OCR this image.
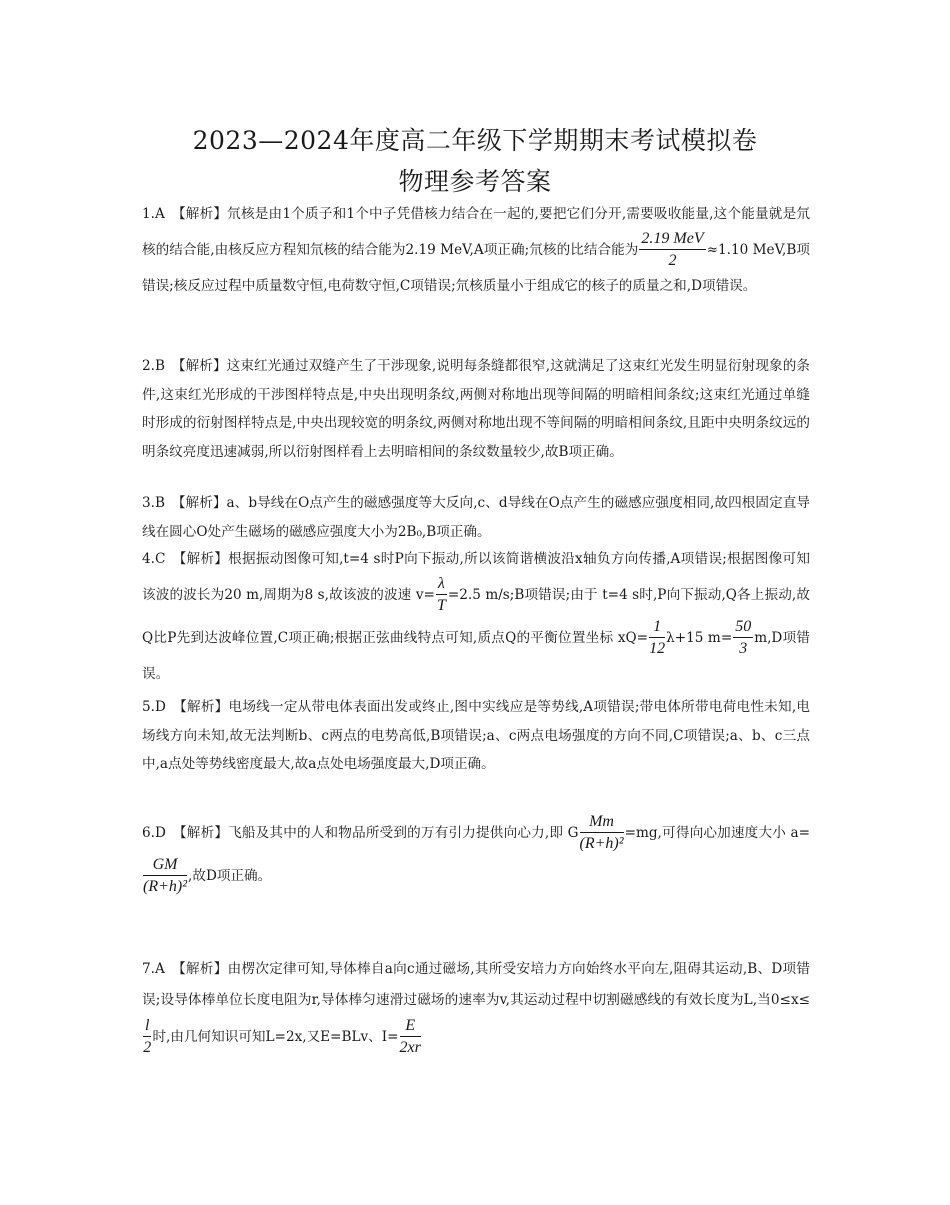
2023—2024年度高二年级下学期期末考试模拟卷
物理参考答案
1.A　【解析】氘核是由1个质子和1个中子凭借核力结合在一起的,要把它们分开,需要吸收能量,这个能量就是氘核的结合能,由核反应方程知氘核的结合能为2.19 MeV,A项正确;氘核的比结合能为 $\frac{\text{2.19 MeV}}{2} \approx 1.10$ MeV,B项错误;核反应过程中质量数守恒,电荷数守恒,C项错误;氘核质量小于组成它的核子的质量之和,D项错误。
2.B　【解析】这束红光通过双缝产生了干涉现象,说明每条缝都很窄,这就满足了这束红光发生明显衍射现象的条件,这束红光形成的干涉图样特点是,中央出现明条纹,两侧对称地出现等间隔的明暗相间条纹;这束红光通过单缝时形成的衍射图样特点是,中央出现较宽的明条纹,两侧对称地出现不等间隔的明暗相间条纹,且距中央明条纹远的明条纹亮度迅速减弱,所以衍射图样看上去明暗相间的条纹数量较少,故B项正确。
3.B　【解析】a、b导线在O点产生的磁感强度等大反向,c、d导线在O点产生的磁感应强度相同,故四根固定直导线在圆心O处产生磁场的磁感应强度大小为2B₀,B项正确。
4.C　【解析】根据振动图像可知,t=4 s时P向下振动,所以该简谐横波沿x轴负方向传播,A项错误;根据图像可知该波的波长为20 m,周期为8 s,故该波的波速 $v= \frac{\lambda}{T} =2.5$ m/s;B项错误;由于 t=4 s时,P向下振动,Q各上振动,故Q比P先到达波峰位置,C项正确;根据正弦曲线特点可知,质点Q的平衡位置坐标 $xQ= \frac{1}{12} \lambda+15$ $m= \frac{50}{3} m,D$项错误。
5.D　【解析】电场线一定从带电体表面出发或终止,图中实线应是等势线,A项错误;带电体所带电荷电性未知,电场线方向未知,故无法判断b、c两点的电势高低,B项错误;a、c两点电场强度的方向不同,C项错误;a、b、c三点中,a点处等势线密度最大,故a点处电场强度最大,D项正确。
6.D　【解析】飞船及其中的人和物品所受到的万有引力提供向心力,即 G $\frac{Mm}{\text{(R+h)²}} =mg$,可得向心加速度大小 a=
$\frac{GM}{\text{(R+h)²}}$ ,故D项正确。
7.A　【解析】由楞次定律可知,导体棒自a向c通过磁场,其所受安培力方向始终水平向左,阻碍其运动,B、D项错误;设导体棒单位长度电阻为r,导体棒匀速滑过磁场的速率为v,其运动过程中切割磁感线的有效长度为L,当0≤x≤
$\frac{l}{2}$ 时,由几何知识可知L=2x,又E=BLv、$I= \frac{E}{2xr}$
